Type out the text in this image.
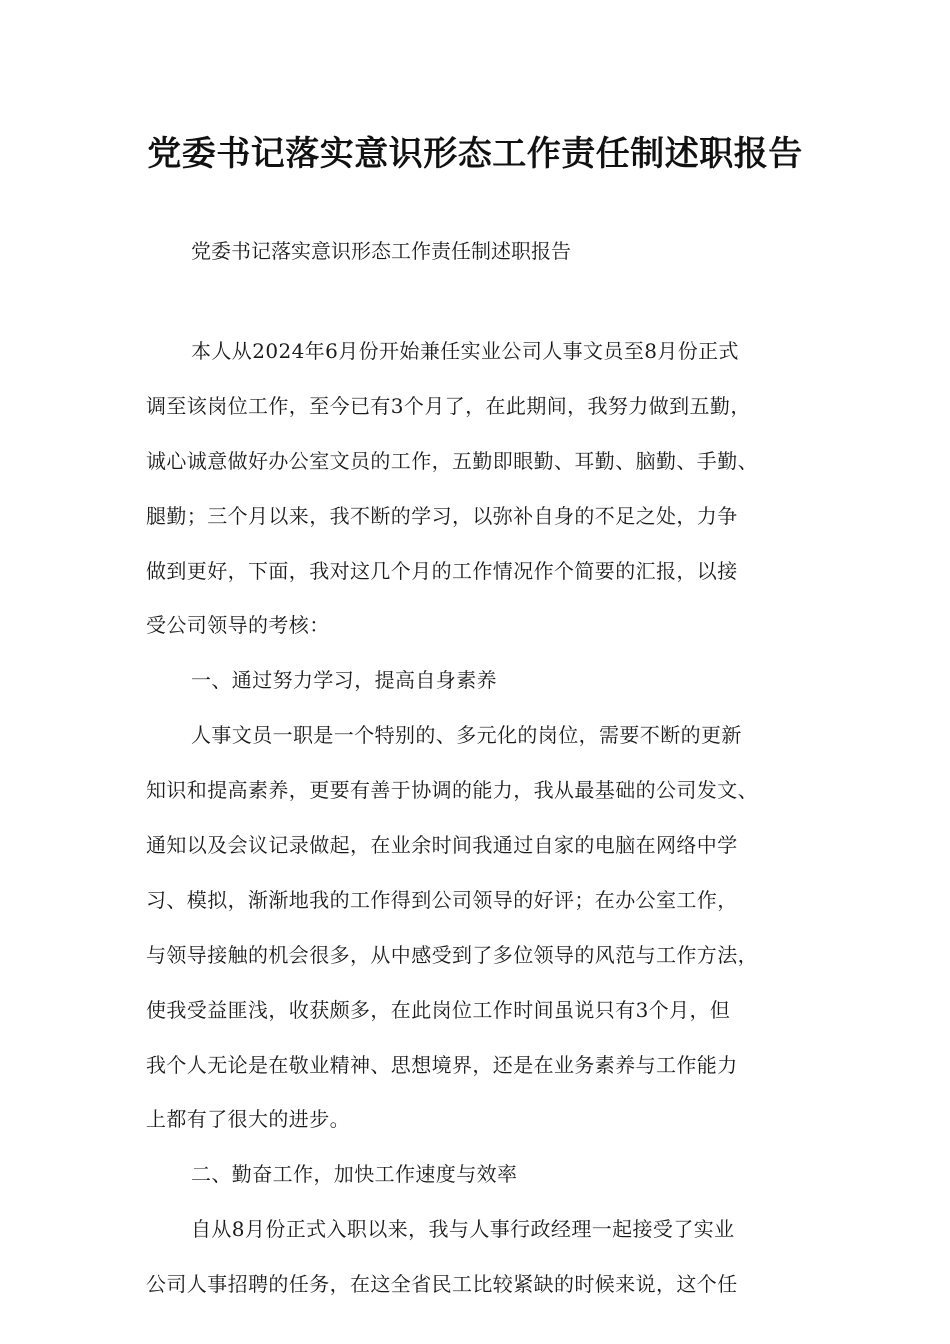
党委书记落实意识形态工作责任制述职报告
党委书记落实意识形态工作责任制述职报告
本人从2024年6月份开始兼任实业公司人事文员至8月份正式
调至该岗位工作，至今已有3个月了，在此期间，我努力做到五勤，
诚心诚意做好办公室文员的工作，五勤即眼勤、耳勤、脑勤、手勤、
腿勤；三个月以来，我不断的学习，以弥补自身的不足之处，力争
做到更好，下面，我对这几个月的工作情况作个简要的汇报，以接
受公司领导的考核：
一、通过努力学习，提高自身素养
人事文员一职是一个特别的、多元化的岗位，需要不断的更新
知识和提高素养，更要有善于协调的能力，我从最基础的公司发文、
通知以及会议记录做起，在业余时间我通过自家的电脑在网络中学
习、模拟，渐渐地我的工作得到公司领导的好评；在办公室工作，
与领导接触的机会很多，从中感受到了多位领导的风范与工作方法，
使我受益匪浅，收获颇多，在此岗位工作时间虽说只有3个月，但
我个人无论是在敬业精神、思想境界，还是在业务素养与工作能力
上都有了很大的进步。
二、勤奋工作，加快工作速度与效率
自从8月份正式入职以来，我与人事行政经理一起接受了实业
公司人事招聘的任务，在这全省民工比较紧缺的时候来说，这个任
